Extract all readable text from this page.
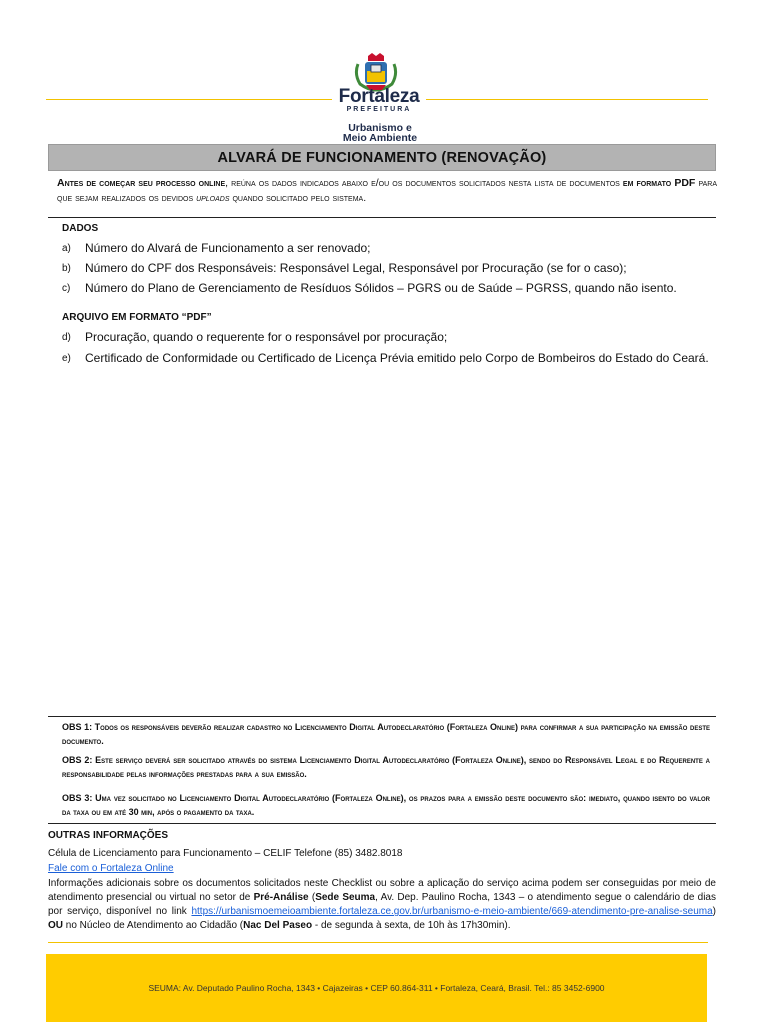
Fortaleza
PREFEITURA
Urbanismo e
Meio Ambiente
ALVARÁ DE FUNCIONAMENTO (RENOVAÇÃO)
Antes de começar seu processo online, reúna os dados indicados abaixo e/ou os documentos solicitados nesta lista de documentos em formato PDF para que sejam realizados os devidos uploads quando solicitado pelo sistema.
DADOS
a) Número do Alvará de Funcionamento a ser renovado;
b) Número do CPF dos Responsáveis: Responsável Legal, Responsável por Procuração (se for o caso);
c) Número do Plano de Gerenciamento de Resíduos Sólidos – PGRS ou de Saúde – PGRSS, quando não isento.
ARQUIVO EM FORMATO “PDF”
d) Procuração, quando o requerente for o responsável por procuração;
e) Certificado de Conformidade ou Certificado de Licença Prévia emitido pelo Corpo de Bombeiros do Estado do Ceará.
OBS 1: Todos os responsáveis deverão realizar cadastro no Licenciamento Digital Autodeclaratório (Fortaleza Online) para confirmar a sua participação na emissão deste documento.
OBS 2: Este serviço deverá ser solicitado através do sistema Licenciamento Digital Autodeclaratório (Fortaleza Online), sendo do Responsável Legal e do Requerente a responsabilidade pelas informações prestadas para a sua emissão.
OBS 3: Uma vez solicitado no Licenciamento Digital Autodeclaratório (Fortaleza Online), os prazos para a emissão deste documento são: imediato, quando isento do valor da taxa ou em até 30 min, após o pagamento da taxa.
OUTRAS INFORMAÇÕES
Célula de Licenciamento para Funcionamento – CELIF Telefone (85) 3482.8018
Fale com o Fortaleza Online
Informações adicionais sobre os documentos solicitados neste Checklist ou sobre a aplicação do serviço acima podem ser conseguidas por meio de atendimento presencial ou virtual no setor de Pré-Análise (Sede Seuma, Av. Dep. Paulino Rocha, 1343 – o atendimento segue o calendário de dias por serviço, disponível no link https://urbanismoemeioambiente.fortaleza.ce.gov.br/urbanismo-e-meio-ambiente/669-atendimento-pre-analise-seuma) OU no Núcleo de Atendimento ao Cidadão (Nac Del Paseo - de segunda à sexta, de 10h às 17h30min).
SEUMA: Av. Deputado Paulino Rocha, 1343 • Cajazeiras • CEP 60.864-311 • Fortaleza, Ceará, Brasil. Tel.: 85 3452-6900
